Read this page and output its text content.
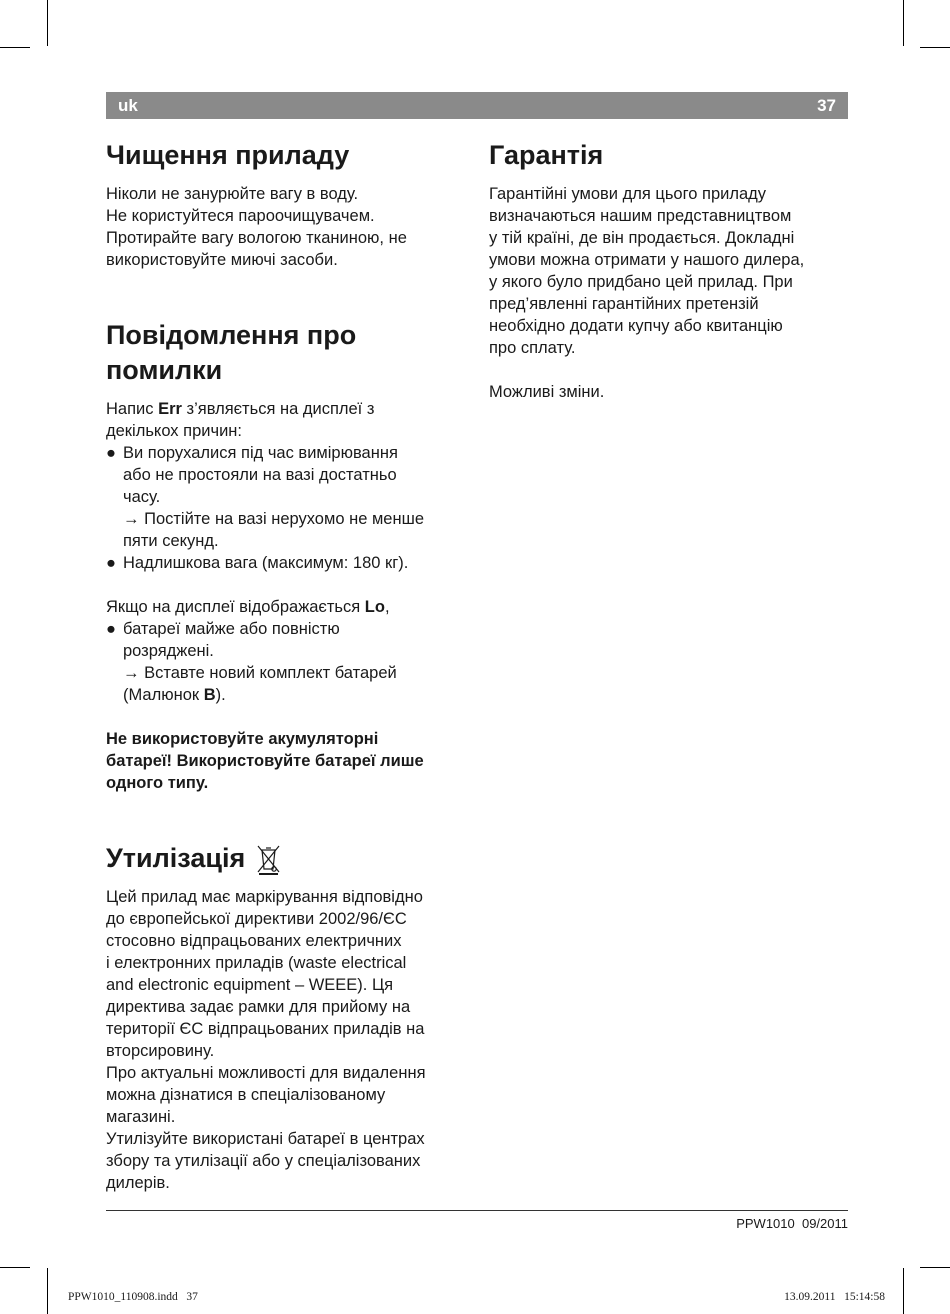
uk	37
Чищення приладу

Ніколи не занурюйте вагу в воду.

Не користуйтеся пароочищувачем.

Протирайте вагу вологою тканиною, не

використовуйте миючі засоби.

Повідомлення про
помилки

Напис Err з’являється на дисплеї з

декількох причин:

● Ви порухалися під час вимірювання
або не простояли на вазі достатньо
часу.
→ Постійте на вазі нерухомо не менше
пяти секунд.
● Надлишкова вага (максимум: 180 кг).

Якщо на дисплеї відображається Lo,

● батареї майже або повністю
розряджені.
→ Вставте новий комплект батарей
(Малюнок B).

Не використовуйте акумуляторні

батареї! Використовуйте батареї лише

одного типу.

Утилізація

Цей прилад має маркірування відповідно

до європейської директиви 2002/96/ЄС

стосовно відпрацьованих електричних

і електронних приладів (waste electrical

and electronic equipment – WEEE). Ця

директива задає рамки для прийому на

території ЄС відпрацьованих приладів на

вторсировину.

Про актуальні можливості для видалення

можна дізнатися в спеціалізованому

магазині.

Утилізуйте використані батареї в центрах

збору та утилізації або у спеціалізованих

дилерів.

Гарантія

Гарантійні умови для цього приладу

визначаються нашим представництвом

у тій країні, де він продається. Докладні

умови можна отримати у нашого дилера,

у якого було придбано цей прилад. При

пред’явленні гарантійних претензій

необхідно додати купчу або квитанцію

про сплату.

Можливі зміни.

PPW1010  09/2011
PPW1010_110908.indd   37	13.09.2011   15:14:58
